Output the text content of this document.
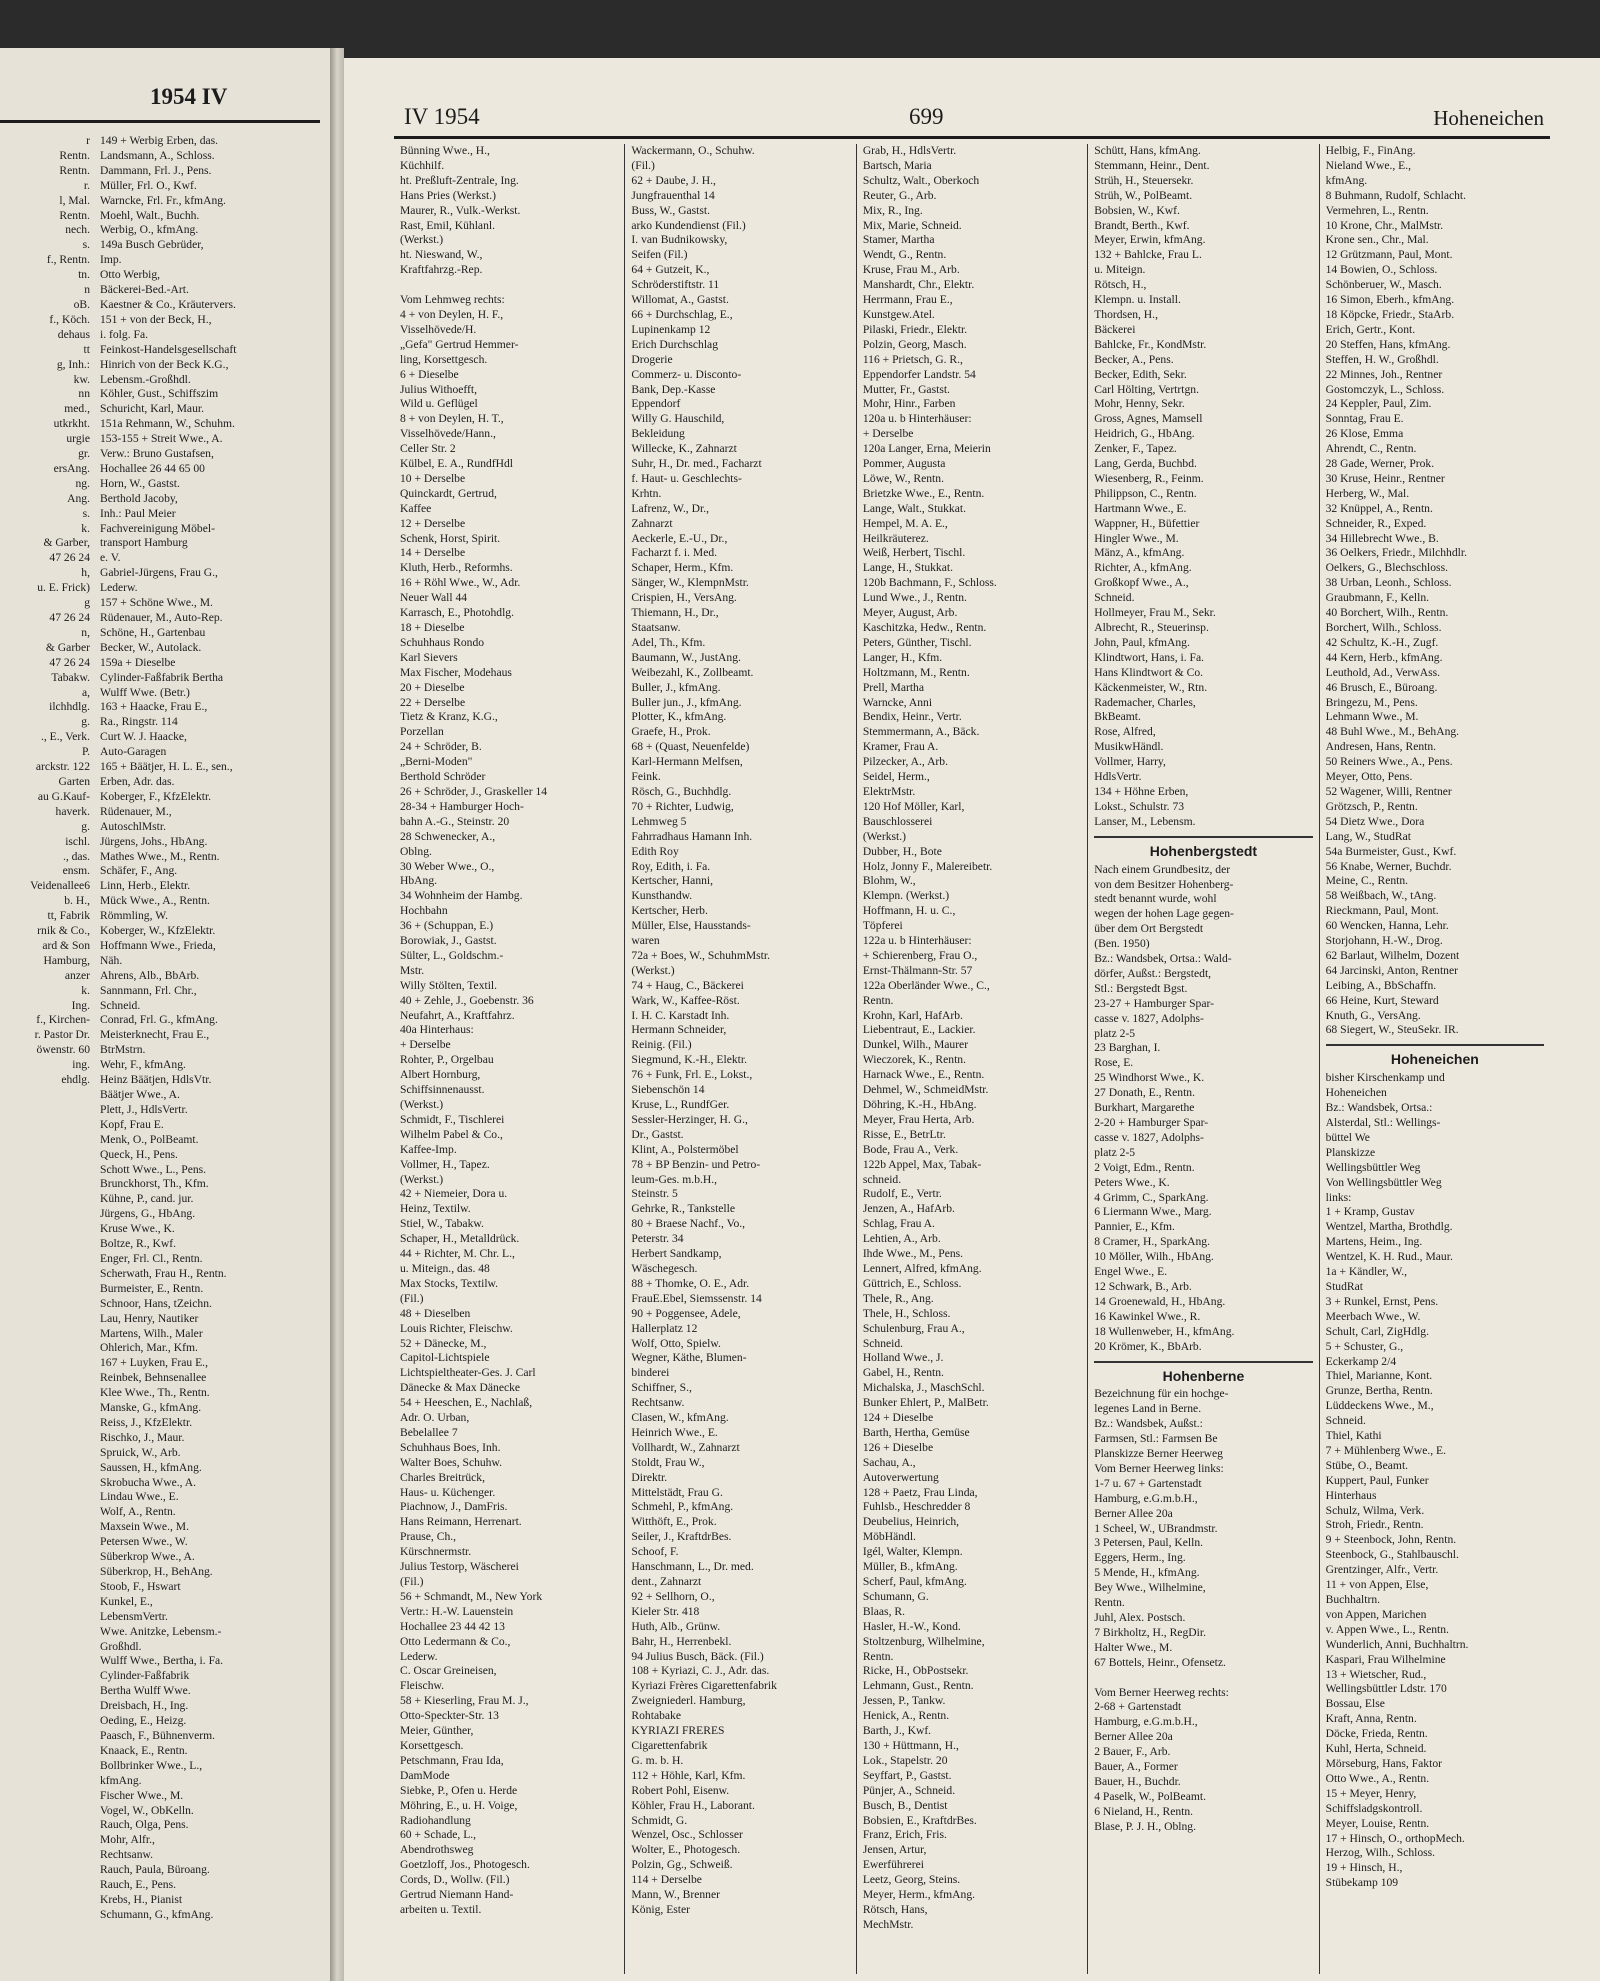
1954 IV
r
Rentn.
Rentn.
r.
l, Mal.
Rentn.
nech.
s.
f., Rentn.
tn.
n
oB.
f., Köch.
dehaus
tt
g, Inh.:
kw.
nn
med.,
utkrkht.
urgie
gr.
ersAng.
ng.
Ang.
s.
k.
& Garber,
47 26 24
h,
u. E. Frick)
g
47 26 24
n,
& Garber
47 26 24
Tabakw.
a,
ilchhdlg.
g.
., E., Verk.
P.
arckstr. 122
Garten
au G.Kauf-
haverk.
g.
ischl.
., das.
ensm.
Veidenallee6
b. H.,
tt, Fabrik
rnik & Co.,
ard & Son
Hamburg,
anzer
k.
Ing.
f., Kirchen-
r. Pastor Dr.
öwenstr. 60
ing.
ehdlg.
149 + Werbig Erben, das.
Landsmann, A., Schloss.
Dammann, Frl. J., Pens.
Müller, Frl. O., Kwf.
Warncke, Frl. Fr., kfmAng.
Moehl, Walt., Buchh.
Werbig, O., kfmAng.
149a Busch Gebrüder,
Imp.
Otto Werbig,
Bäckerei-Bed.-Art.
Kaestner & Co., Kräutervers.
151 + von der Beck, H.,
i. folg. Fa.
Feinkost-Handelsgesellschaft
Hinrich von der Beck K.G.,
Lebensm.-Großhdl.
Köhler, Gust., Schiffszim
Schuricht, Karl, Maur.
151a Rehmann, W., Schuhm.
153-155 + Streit Wwe., A.
Verw.: Bruno Gustafsen,
Hochallee 26 44 65 00
Horn, W., Gastst.
Berthold Jacoby,
Inh.: Paul Meier
Fachvereinigung Möbel-
transport Hamburg
e. V.
Gabriel-Jürgens, Frau G.,
Lederw.
157 + Schöne Wwe., M.
Rüdenauer, M., Auto-Rep.
Schöne, H., Gartenbau
Becker, W., Autolack.
159a + Dieselbe
Cylinder-Faßfabrik Bertha
Wulff Wwe. (Betr.)
163 + Haacke, Frau E.,
Ra., Ringstr. 114
Curt W. J. Haacke,
Auto-Garagen
165 + Bäätjer, H. L. E., sen.,
Erben, Adr. das.
Koberger, F., KfzElektr.
Rüdenauer, M.,
AutoschlMstr.
Jürgens, Johs., HbAng.
Mathes Wwe., M., Rentn.
Schäfer, F., Ang.
Linn, Herb., Elektr.
Mück Wwe., A., Rentn.
Römmling, W.
Koberger, W., KfzElektr.
Hoffmann Wwe., Frieda,
Näh.
Ahrens, Alb., BbArb.
Sannmann, Frl. Chr.,
Schneid.
Conrad, Frl. G., kfmAng.
Meisterknecht, Frau E.,
BtrMstrn.
Wehr, F., kfmAng.
Heinz Bäätjen, HdlsVtr.
Bäätjer Wwe., A.
Plett, J., HdlsVertr.
Kopf, Frau E.
Menk, O., PolBeamt.
Queck, H., Pens.
Schott Wwe., L., Pens.
Brunckhorst, Th., Kfm.
Kühne, P., cand. jur.
Jürgens, G., HbAng.
Kruse Wwe., K.
Boltze, R., Kwf.
Enger, Frl. Cl., Rentn.
Scherwath, Frau H., Rentn.
Burmeister, E., Rentn.
Schnoor, Hans, tZeichn.
Lau, Henry, Nautiker
Martens, Wilh., Maler
Ohlerich, Mar., Kfm.
167 + Luyken, Frau E.,
Reinbek, Behnsenallee
Klee Wwe., Th., Rentn.
Manske, G., kfmAng.
Reiss, J., KfzElektr.
Rischko, J., Maur.
Spruick, W., Arb.
Saussen, H., kfmAng.
Skrobucha Wwe., A.
Lindau Wwe., E.
Wolf, A., Rentn.
Maxsein Wwe., M.
Petersen Wwe., W.
Süberkrop Wwe., A.
Süberkrop, H., BehAng.
Stoob, F., Hswart
Kunkel, E.,
LebensmVertr.
Wwe. Anitzke, Lebensm.-
Großhdl.
Wulff Wwe., Bertha, i. Fa.
Cylinder-Faßfabrik
Bertha Wulff Wwe.
Dreisbach, H., Ing.
Oeding, E., Heizg.
Paasch, F., Bühnenverm.
Knaack, E., Rentn.
Bollbrinker Wwe., L.,
kfmAng.
Fischer Wwe., M.
Vogel, W., ObKelln.
Rauch, Olga, Pens.
Mohr, Alfr.,
Rechtsanw.
Rauch, Paula, Büroang.
Rauch, E., Pens.
Krebs, H., Pianist
Schumann, G., kfmAng.
IV 1954	699	Hoheneichen
Bünning Wwe., H.,
Küchhilf.
ht. Preßluft-Zentrale, Ing.
Hans Pries (Werkst.)
Maurer, R., Vulk.-Werkst.
Rast, Emil, Kühlanl.
(Werkst.)
ht. Nieswand, W.,
Kraftfahrzg.-Rep.

Vom Lehmweg rechts:
4 + von Deylen, H. F.,
Visselhövede/H.
„Gefa" Gertrud Hemmer-
ling, Korsettgesch.
6 + Dieselbe
Julius Withoefft,
Wild u. Geflügel
8 + von Deylen, H. T.,
Visselhövede/Hann.,
Celler Str. 2
Külbel, E. A., RundfHdl
10 + Derselbe
Quinckardt, Gertrud,
Kaffee
12 + Derselbe
Schenk, Horst, Spirit.
14 + Derselbe
Kluth, Herb., Reformhs.
16 + Röhl Wwe., W., Adr.
Neuer Wall 44
Karrasch, E., Photohdlg.
18 + Dieselbe
Schuhhaus Rondo
Karl Sievers
Max Fischer, Modehaus
20 + Dieselbe
22 + Derselbe
Tietz & Kranz, K.G.,
Porzellan
24 + Schröder, B.
„Berni-Moden"
Berthold Schröder
26 + Schröder, J., Graskeller 14
28-34 + Hamburger Hoch-
bahn A.-G., Steinstr. 20
28 Schwenecker, A.,
Oblng.
30 Weber Wwe., O.,
HbAng.
34 Wohnheim der Hambg.
Hochbahn
36 + (Schuppan, E.)
Borowiak, J., Gastst.
Sülter, L., Goldschm.-
Mstr.
Willy Stölten, Textil.
40 + Zehle, J., Goebenstr. 36
Neufahrt, A., Kraftfahrz.
40a Hinterhaus:
+ Derselbe
Rohter, P., Orgelbau
Albert Hornburg,
Schiffsinnenausst.
(Werkst.)
Schmidt, F., Tischlerei
Wilhelm Pabel & Co.,
Kaffee-Imp.
Vollmer, H., Tapez.
(Werkst.)
42 + Niemeier, Dora u.
Heinz, Textilw.
Stiel, W., Tabakw.
Schaper, H., Metalldrück.
44 + Richter, M. Chr. L.,
u. Miteign., das. 48
Max Stocks, Textilw.
(Fil.)
48 + Dieselben
Louis Richter, Fleischw.
52 + Dänecke, M.,
Capitol-Lichtspiele
Lichtspieltheater-Ges. J. Carl
Dänecke & Max Dänecke
54 + Heeschen, E., Nachlaß,
Adr. O. Urban,
Bebelallee 7
Schuhhaus Boes, Inh.
Walter Boes, Schuhw.
Charles Breitrück,
Haus- u. Küchenger.
Piachnow, J., DamFris.
Hans Reimann, Herrenart.
Prause, Ch.,
Kürschnermstr.
Julius Testorp, Wäscherei
(Fil.)
56 + Schmandt, M., New York
Vertr.: H.-W. Lauenstein
Hochallee 23 44 42 13
Otto Ledermann & Co.,
Lederw.
C. Oscar Greineisen,
Fleischw.
58 + Kieserling, Frau M. J.,
Otto-Speckter-Str. 13
Meier, Günther,
Korsettgesch.
Petschmann, Frau Ida,
DamMode
Siebke, P., Ofen u. Herde
Möhring, E., u. H. Voige,
Radiohandlung
60 + Schade, L.,
Abendrothsweg
Goetzloff, Jos., Photogesch.
Cords, D., Wollw. (Fil.)
Gertrud Niemann Hand-
arbeiten u. Textil.
Wackermann, O., Schuhw.
(Fil.)
62 + Daube, J. H.,
Jungfrauenthal 14
Buss, W., Gastst.
arko Kundendienst (Fil.)
I. van Budnikowsky,
Seifen (Fil.)
64 + Gutzeit, K.,
Schröderstiftstr. 11
Willomat, A., Gastst.
66 + Durchschlag, E.,
Lupinenkamp 12
Erich Durchschlag
Drogerie
Commerz- u. Disconto-
Bank, Dep.-Kasse
Eppendorf
Willy G. Hauschild,
Bekleidung
Willecke, K., Zahnarzt
Suhr, H., Dr. med., Facharzt
f. Haut- u. Geschlechts-
Krhtn.
Lafrenz, W., Dr.,
Zahnarzt
Aeckerle, E.-U., Dr.,
Facharzt f. i. Med.
Schaper, Herm., Kfm.
Sänger, W., KlempnMstr.
Crispien, H., VersAng.
Thiemann, H., Dr.,
Staatsanw.
Adel, Th., Kfm.
Baumann, W., JustAng.
Weibezahl, K., Zollbeamt.
Buller, J., kfmAng.
Buller jun., J., kfmAng.
Plotter, K., kfmAng.
Graefe, H., Prok.
68 + (Quast, Neuenfelde)
Karl-Hermann Melfsen,
Feink.
Rösch, G., Buchhdlg.
70 + Richter, Ludwig,
Lehmweg 5
Fahrradhaus Hamann Inh.
Edith Roy
Roy, Edith, i. Fa.
Kertscher, Hanni,
Kunsthandw.
Kertscher, Herb.
Müller, Else, Hausstands-
waren
72a + Boes, W., SchuhmMstr.
(Werkst.)
74 + Haug, C., Bäckerei
Wark, W., Kaffee-Röst.
I. H. C. Karstadt Inh.
Hermann Schneider,
Reinig. (Fil.)
Siegmund, K.-H., Elektr.
76 + Funk, Frl. E., Lokst.,
Siebenschön 14
Kruse, L., RundfGer.
Sessler-Herzinger, H. G.,
Dr., Gastst.
Klint, A., Polstermöbel
78 + BP Benzin- und Petro-
leum-Ges. m.b.H.,
Steinstr. 5
Gehrke, R., Tankstelle
80 + Braese Nachf., Vo.,
Peterstr. 34
Herbert Sandkamp,
Wäschegesch.
88 + Thomke, O. E., Adr.
FrauE.Ebel, Siemssenstr. 14
90 + Poggensee, Adele,
Hallerplatz 12
Wolf, Otto, Spielw.
Wegner, Käthe, Blumen-
binderei
Schiffner, S.,
Rechtsanw.
Clasen, W., kfmAng.
Heinrich Wwe., E.
Vollhardt, W., Zahnarzt
Stoldt, Frau W.,
Direktr.
Mittelstädt, Frau G.
Schmehl, P., kfmAng.
Witthöft, E., Prok.
Seiler, J., KraftdrBes.
Schoof, F.
Hanschmann, L., Dr. med.
dent., Zahnarzt
92 + Sellhorn, O.,
Kieler Str. 418
Huth, Alb., Grünw.
Bahr, H., Herrenbekl.
94 Julius Busch, Bäck. (Fil.)
108 + Kyriazi, C. J., Adr. das.
Kyriazi Frères Cigarettenfabrik
Zweigniederl. Hamburg,
Rohtabake
KYRIAZI FRERES
Cigarettenfabrik
G. m. b. H.
112 + Höhle, Karl, Kfm.
Robert Pohl, Eisenw.
Köhler, Frau H., Laborant.
Schmidt, G.
Wenzel, Osc., Schlosser
Wolter, E., Photogesch.
Polzin, Gg., Schweiß.
114 + Derselbe
Mann, W., Brenner
König, Ester
Grab, H., HdlsVertr.
Bartsch, Maria
Schultz, Walt., Oberkoch
Reuter, G., Arb.
Mix, R., Ing.
Mix, Marie, Schneid.
Stamer, Martha
Wendt, G., Rentn.
Kruse, Frau M., Arb.
Manshardt, Chr., Elektr.
Herrmann, Frau E.,
Kunstgew.Atel.
Pilaski, Friedr., Elektr.
Polzin, Georg, Masch.
116 + Prietsch, G. R.,
Eppendorfer Landstr. 54
Mutter, Fr., Gastst.
Mohr, Hinr., Farben
120a u. b Hinterhäuser:
+ Derselbe
120a Langer, Erna, Meierin
Pommer, Augusta
Löwe, W., Rentn.
Brietzke Wwe., E., Rentn.
Lange, Walt., Stukkat.
Hempel, M. A. E.,
Heilkräuterez.
Weiß, Herbert, Tischl.
Lange, H., Stukkat.
120b Bachmann, F., Schloss.
Lund Wwe., J., Rentn.
Meyer, August, Arb.
Kaschitzka, Hedw., Rentn.
Peters, Günther, Tischl.
Langer, H., Kfm.
Holtzmann, M., Rentn.
Prell, Martha
Warncke, Anni
Bendix, Heinr., Vertr.
Stemmermann, A., Bäck.
Kramer, Frau A.
Pilzecker, A., Arb.
Seidel, Herm.,
ElektrMstr.
120 Hof Möller, Karl,
Bauschlosserei
(Werkst.)
Dubber, H., Bote
Holz, Jonny F., Malereibetr.
Blohm, W.,
Klempn. (Werkst.)
Hoffmann, H. u. C.,
Töpferei
122a u. b Hinterhäuser:
+ Schierenberg, Frau O.,
Ernst-Thälmann-Str. 57
122a Oberländer Wwe., C.,
Rentn.
Krohn, Karl, HafArb.
Liebentraut, E., Lackier.
Dunkel, Wilh., Maurer
Wieczorek, K., Rentn.
Harnack Wwe., E., Rentn.
Dehmel, W., SchmeidMstr.
Döhring, K.-H., HbAng.
Meyer, Frau Herta, Arb.
Risse, E., BetrLtr.
Bode, Frau A., Verk.
122b Appel, Max, Tabak-
schneid.
Rudolf, E., Vertr.
Jenzen, A., HafArb.
Schlag, Frau A.
Lehtien, A., Arb.
Ihde Wwe., M., Pens.
Lennert, Alfred, kfmAng.
Güttrich, E., Schloss.
Thele, R., Ang.
Thele, H., Schloss.
Schulenburg, Frau A.,
Schneid.
Holland Wwe., J.
Gabel, H., Rentn.
Michalska, J., MaschSchl.
Bunker Ehlert, P., MalBetr.
124 + Dieselbe
Barth, Hertha, Gemüse
126 + Dieselbe
Sachau, A.,
Autoverwertung
128 + Paetz, Frau Linda,
Fuhlsb., Heschredder 8
Deubelius, Heinrich,
MöbHändl.
Igél, Walter, Klempn.
Müller, B., kfmAng.
Scherf, Paul, kfmAng.
Schumann, G.
Blaas, R.
Hasler, H.-W., Kond.
Stoltzenburg, Wilhelmine,
Rentn.
Ricke, H., ObPostsekr.
Lehmann, Gust., Rentn.
Jessen, P., Tankw.
Henick, A., Rentn.
Barth, J., Kwf.
130 + Hüttmann, H.,
Lok., Stapelstr. 20
Seyffart, P., Gastst.
Pünjer, A., Schneid.
Busch, B., Dentist
Bobsien, E., KraftdrBes.
Franz, Erich, Fris.
Jensen, Artur,
Ewerführerei
Leetz, Georg, Steins.
Meyer, Herm., kfmAng.
Rötsch, Hans,
MechMstr.
Schütt, Hans, kfmAng.
Stemmann, Heinr., Dent.
Strüh, H., Steuersekr.
Strüh, W., PolBeamt.
Bobsien, W., Kwf.
Brandt, Berth., Kwf.
Meyer, Erwin, kfmAng.
132 + Bahlcke, Frau L.
u. Miteign.
Rötsch, H.,
Klempn. u. Install.
Thordsen, H.,
Bäckerei
Bahlcke, Fr., KondMstr.
Becker, A., Pens.
Becker, Edith, Sekr.
Carl Hölting, Vertrtgn.
Mohr, Henny, Sekr.
Gross, Agnes, Mamsell
Heidrich, G., HbAng.
Zenker, F., Tapez.
Lang, Gerda, Buchbd.
Wiesenberg, R., Feinm.
Philippson, C., Rentn.
Hartmann Wwe., E.
Wappner, H., Büfettier
Hingler Wwe., M.
Mänz, A., kfmAng.
Richter, A., kfmAng.
Großkopf Wwe., A.,
Schneid.
Hollmeyer, Frau M., Sekr.
Albrecht, R., Steuerinsp.
John, Paul, kfmAng.
Klindtwort, Hans, i. Fa.
Hans Klindtwort & Co.
Käckenmeister, W., Rtn.
Rademacher, Charles,
BkBeamt.
Rose, Alfred,
MusikwHändl.
Vollmer, Harry,
HdlsVertr.
134 + Höhne Erben,
Lokst., Schulstr. 73
Lanser, M., Lebensm.
Hohenbergstedt
Nach einem Grundbesitz, der
von dem Besitzer Hohenberg-
stedt benannt wurde, wohl
wegen der hohen Lage gegen-
über dem Ort Bergstedt
(Ben. 1950)
Bz.: Wandsbek, Ortsa.: Wald-
dörfer, Außst.: Bergstedt,
Stl.: Bergstedt Bgst.
23-27 + Hamburger Spar-
casse v. 1827, Adolphs-
platz 2-5
23 Barghan, I.
Rose, E.
25 Windhorst Wwe., K.
27 Donath, E., Rentn.
Burkhart, Margarethe
2-20 + Hamburger Spar-
casse v. 1827, Adolphs-
platz 2-5
2 Voigt, Edm., Rentn.
Peters Wwe., K.
4 Grimm, C., SparkAng.
6 Liermann Wwe., Marg.
Pannier, E., Kfm.
8 Cramer, H., SparkAng.
10 Möller, Wilh., HbAng.
Engel Wwe., E.
12 Schwark, B., Arb.
14 Groenewald, H., HbAng.
16 Kawinkel Wwe., R.
18 Wullenweber, H., kfmAng.
20 Krömer, K., BbArb.
Hohenberne
Bezeichnung für ein hochge-
legenes Land in Berne.
Bz.: Wandsbek, Außst.:
Farmsen, Stl.: Farmsen Be
Planskizze Berner Heerweg
Vom Berner Heerweg links:
1-7 u. 67 + Gartenstadt
Hamburg, e.G.m.b.H.,
Berner Allee 20a
1 Scheel, W., UBrandmstr.
3 Petersen, Paul, Kelln.
Eggers, Herm., Ing.
5 Mende, H., kfmAng.
Bey Wwe., Wilhelmine,
Rentn.
Juhl, Alex. Postsch.
7 Birkholtz, H., RegDir.
Halter Wwe., M.
67 Bottels, Heinr., Ofensetz.

Vom Berner Heerweg rechts:
2-68 + Gartenstadt
Hamburg, e.G.m.b.H.,
Berner Allee 20a
2 Bauer, F., Arb.
Bauer, A., Former
Bauer, H., Buchdr.
4 Paselk, W., PolBeamt.
6 Nieland, H., Rentn.
Blase, P. J. H., Oblng.
Helbig, F., FinAng.
Nieland Wwe., E.,
kfmAng.
8 Buhmann, Rudolf, Schlacht.
Vermehren, L., Rentn.
10 Krone, Chr., MalMstr.
Krone sen., Chr., Mal.
12 Grützmann, Paul, Mont.
14 Bowien, O., Schloss.
Schönberuer, W., Masch.
16 Simon, Eberh., kfmAng.
18 Köpcke, Friedr., StaArb.
Erich, Gertr., Kont.
20 Steffen, Hans, kfmAng.
Steffen, H. W., Großhdl.
22 Minnes, Joh., Rentner
Gostomczyk, L., Schloss.
24 Keppler, Paul, Zim.
Sonntag, Frau E.
26 Klose, Emma
Ahrendt, C., Rentn.
28 Gade, Werner, Prok.
30 Kruse, Heinr., Rentner
Herberg, W., Mal.
32 Knüppel, A., Rentn.
Schneider, R., Exped.
34 Hillebrecht Wwe., B.
36 Oelkers, Friedr., Milchhdlr.
Oelkers, G., Blechschloss.
38 Urban, Leonh., Schloss.
Graubmann, F., Kelln.
40 Borchert, Wilh., Rentn.
Borchert, Wilh., Schloss.
42 Schultz, K.-H., Zugf.
44 Kern, Herb., kfmAng.
Leuthold, Ad., VerwAss.
46 Brusch, E., Büroang.
Bringezu, M., Pens.
Lehmann Wwe., M.
48 Buhl Wwe., M., BehAng.
Andresen, Hans, Rentn.
50 Reiners Wwe., A., Pens.
Meyer, Otto, Pens.
52 Wagener, Willi, Rentner
Grötzsch, P., Rentn.
54 Dietz Wwe., Dora
Lang, W., StudRat
54a Burmeister, Gust., Kwf.
56 Knabe, Werner, Buchdr.
Meine, C., Rentn.
58 Weißbach, W., tAng.
Rieckmann, Paul, Mont.
60 Wencken, Hanna, Lehr.
Storjohann, H.-W., Drog.
62 Barlaut, Wilhelm, Dozent
64 Jarcinski, Anton, Rentner
Leibing, A., BbSchaffn.
66 Heine, Kurt, Steward
Knuth, G., VersAng.
68 Siegert, W., SteuSekr. IR.
Hoheneichen
bisher Kirschenkamp und
Hoheneichen
Bz.: Wandsbek, Ortsa.:
Alsterdal, Stl.: Wellings-
büttel We
Planskizze
Wellingsbüttler Weg
Von Wellingsbüttler Weg
links:
1 + Kramp, Gustav
Wentzel, Martha, Brothdlg.
Martens, Heim., Ing.
Wentzel, K. H. Rud., Maur.
1a + Kändler, W.,
StudRat
3 + Runkel, Ernst, Pens.
Meerbach Wwe., W.
Schult, Carl, ZigHdlg.
5 + Schuster, G.,
Eckerkamp 2/4
Thiel, Marianne, Kont.
Grunze, Bertha, Rentn.
Lüddeckens Wwe., M.,
Schneid.
Thiel, Kathi
7 + Mühlenberg Wwe., E.
Stübe, O., Beamt.
Kuppert, Paul, Funker
Hinterhaus
Schulz, Wilma, Verk.
Stroh, Friedr., Rentn.
9 + Steenbock, John, Rentn.
Steenbock, G., Stahlbauschl.
Grentzinger, Alfr., Vertr.
11 + von Appen, Else,
Buchhaltrn.
von Appen, Marichen
v. Appen Wwe., L., Rentn.
Wunderlich, Anni, Buchhaltrn.
Kaspari, Frau Wilhelmine
13 + Wietscher, Rud.,
Wellingsbüttler Ldstr. 170
Bossau, Else
Kraft, Anna, Rentn.
Döcke, Frieda, Rentn.
Kuhl, Herta, Schneid.
Mörseburg, Hans, Faktor
Otto Wwe., A., Rentn.
15 + Meyer, Henry,
Schiffsladgskontroll.
Meyer, Louise, Rentn.
17 + Hinsch, O., orthopMech.
Herzog, Wilh., Schloss.
19 + Hinsch, H.,
Stübekamp 109
